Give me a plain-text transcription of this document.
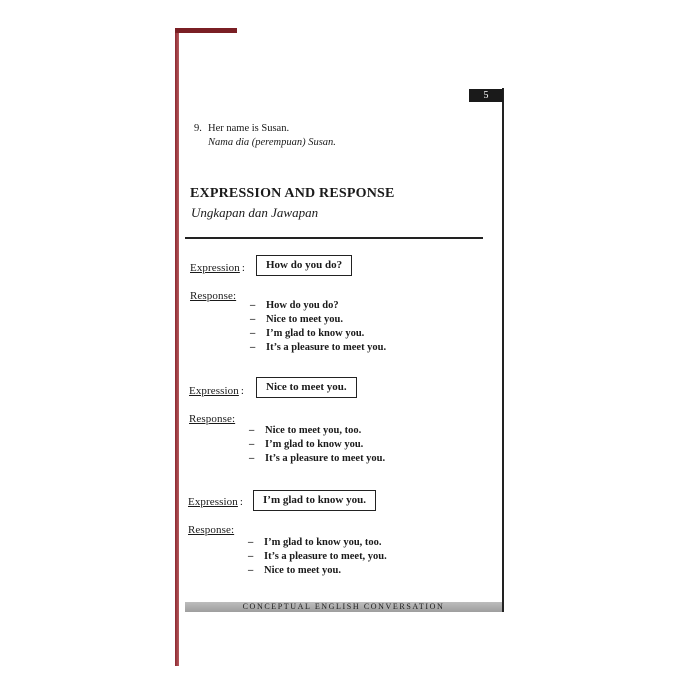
5
9. Her name is Susan.
Nama dia (perempuan) Susan.
EXPRESSION AND RESPONSE
Ungkapan dan Jawapan
Expression :	How do you do?
Response:
– How do you do?
– Nice to meet you.
– I’m glad to know you.
– It’s a pleasure to meet you.
Expression :	Nice to meet you.
Response:
– Nice to meet you, too.
– I’m glad to know you.
– It’s a pleasure to meet you.
Expression :	I’m glad to know you.
Response:
– I’m glad to know you, too.
– It’s a pleasure to meet, you.
– Nice to meet you.
CONCEPTUAL ENGLISH CONVERSATION
